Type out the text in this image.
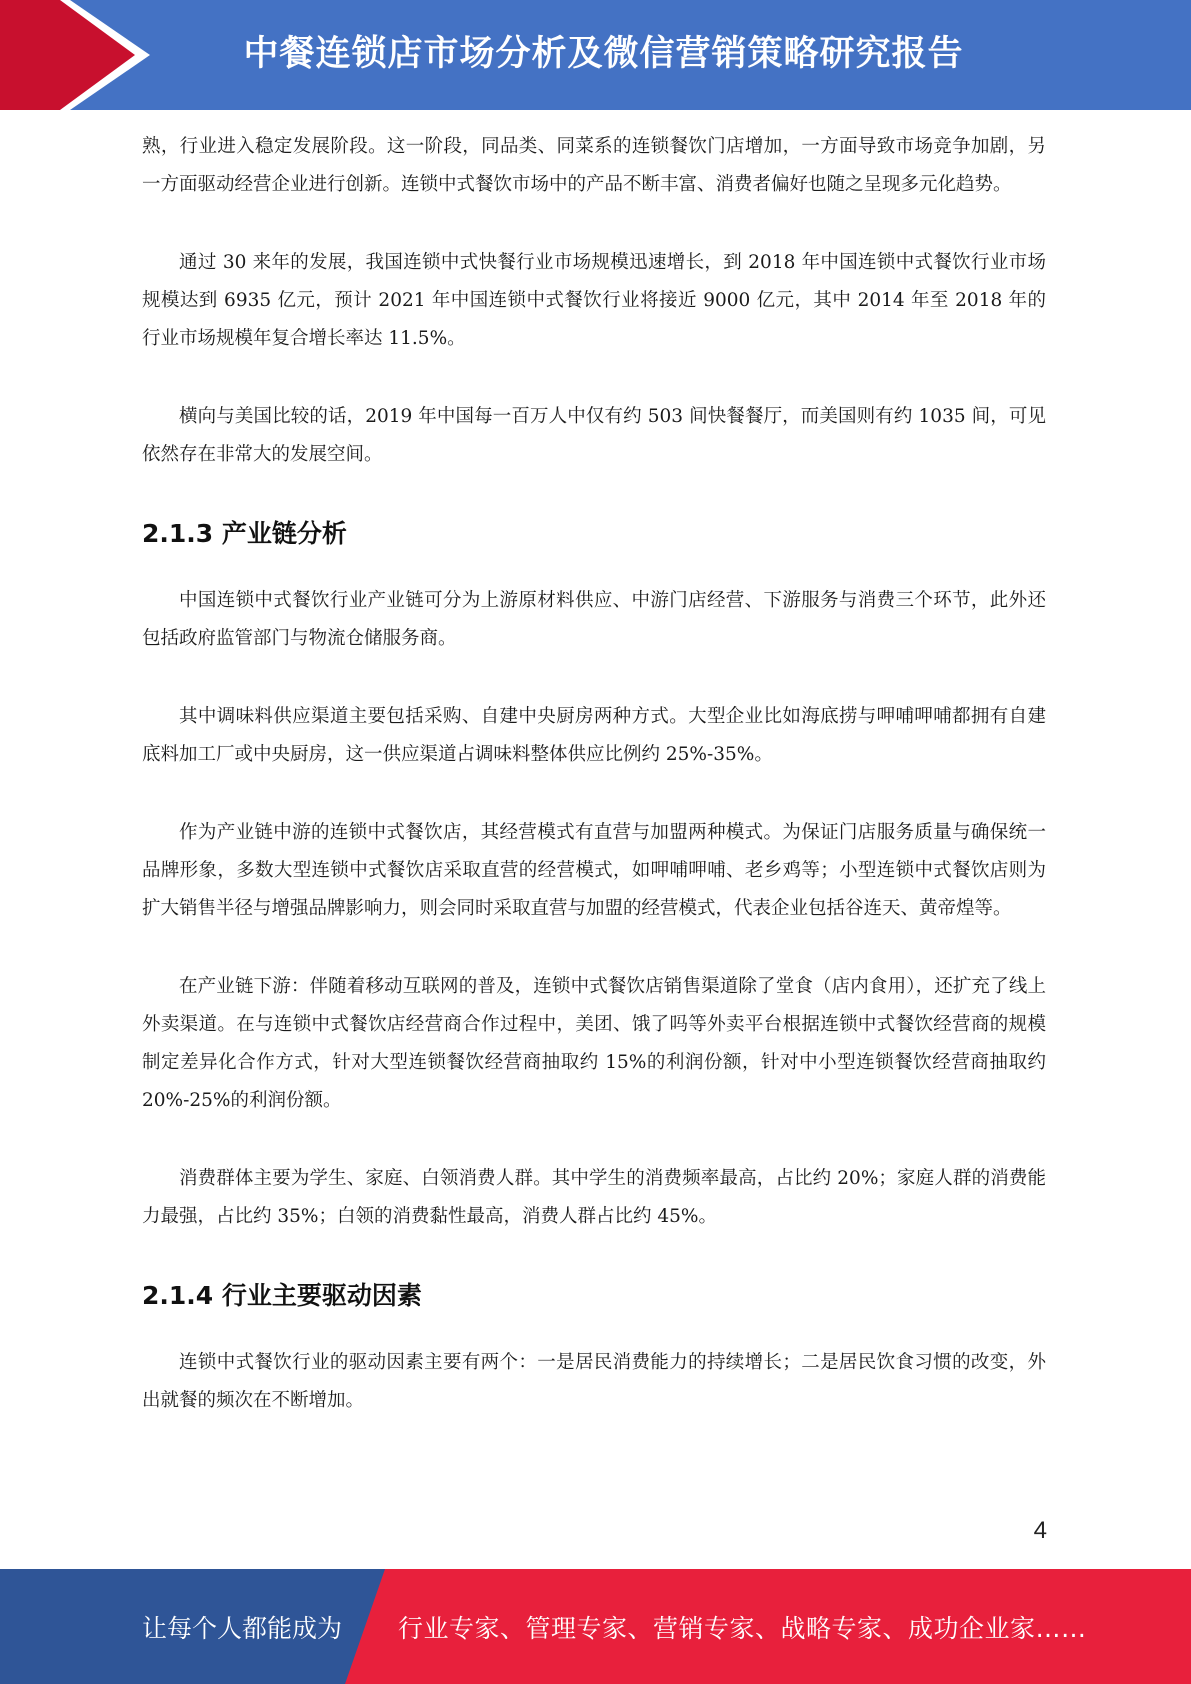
中餐连锁店市场分析及微信营销策略研究报告

熟，行业进入稳定发展阶段。这一阶段，同品类、同菜系的连锁餐饮门店增加，一方面导致市场竞争加剧，另一方面驱动经营企业进行创新。连锁中式餐饮市场中的产品不断丰富、消费者偏好也随之呈现多元化趋势。

通过 30 来年的发展，我国连锁中式快餐行业市场规模迅速增长，到 2018 年中国连锁中式餐饮行业市场规模达到 6935 亿元，预计 2021 年中国连锁中式餐饮行业将接近 9000 亿元，其中 2014 年至 2018 年的行业市场规模年复合增长率达 11.5%。

横向与美国比较的话，2019 年中国每一百万人中仅有约 503 间快餐餐厅，而美国则有约 1035 间，可见依然存在非常大的发展空间。

2.1.3 产业链分析

中国连锁中式餐饮行业产业链可分为上游原材料供应、中游门店经营、下游服务与消费三个环节，此外还包括政府监管部门与物流仓储服务商。

其中调味料供应渠道主要包括采购、自建中央厨房两种方式。大型企业比如海底捞与呷哺呷哺都拥有自建底料加工厂或中央厨房，这一供应渠道占调味料整体供应比例约 25%-35%。

作为产业链中游的连锁中式餐饮店，其经营模式有直营与加盟两种模式。为保证门店服务质量与确保统一品牌形象，多数大型连锁中式餐饮店采取直营的经营模式，如呷哺呷哺、老乡鸡等；小型连锁中式餐饮店则为扩大销售半径与增强品牌影响力，则会同时采取直营与加盟的经营模式，代表企业包括谷连天、黄帝煌等。

在产业链下游：伴随着移动互联网的普及，连锁中式餐饮店销售渠道除了堂食（店内食用），还扩充了线上外卖渠道。在与连锁中式餐饮店经营商合作过程中，美团、饿了吗等外卖平台根据连锁中式餐饮经营商的规模制定差异化合作方式，针对大型连锁餐饮经营商抽取约 15%的利润份额，针对中小型连锁餐饮经营商抽取约 20%-25%的利润份额。

消费群体主要为学生、家庭、白领消费人群。其中学生的消费频率最高，占比约 20%；家庭人群的消费能力最强，占比约 35%；白领的消费黏性最高，消费人群占比约 45%。

2.1.4 行业主要驱动因素

连锁中式餐饮行业的驱动因素主要有两个：一是居民消费能力的持续增长；二是居民饮食习惯的改变，外出就餐的频次在不断增加。

4
让每个人都能成为 行业专家、管理专家、营销专家、战略专家、成功企业家……
